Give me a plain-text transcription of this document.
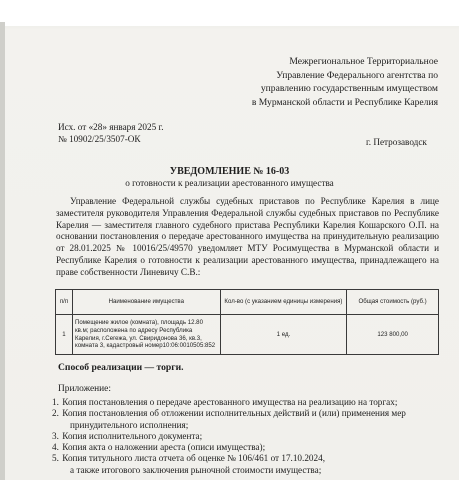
Межрегиональное Территориальное
Управление Федерального агентства по
управлению государственным имуществом
в Мурманской области и Республике Карелия
Исх. от «28» января 2025 г.
№ 10902/25/3507-ОК	г. Петрозаводск
УВЕДОМЛЕНИЕ № 16-03
о готовности к реализации арестованного имущества
Управление Федеральной службы судебных приставов по Республике Карелия в лице заместителя руководителя Управления Федеральной службы судебных приставов по Республике Карелия — заместителя главного судебного пристава Республики Карелия Кошарского О.П. на основании постановления о передаче арестованного имущества на принудительную реализацию от 28.01.2025 № 10016/25/49570 уведомляет МТУ Росимущества в Мурманской области и Республике Карелия о готовности к реализации арестованного имущества, принадлежащего на праве собственности Линевичу С.В.:
п/п	Наименование имущества	Кол-во (с указанием единицы измерения)	Общая стоимость (руб.)
1	Помещение жилое (комната), площадь 12.80 кв.м; расположена по адресу Республика Карелия, г.Сегежа, ул. Свиридонова 36, кв.3, комната 3, кадастровый номер10:06:0010505:852	1 ед.	123 800,00
Способ реализации — торги.
Приложение:
1. Копия постановления о передаче арестованного имущества на реализацию на торгах;
2. Копия постановления об отложении исполнительных действий и (или) применения мер
принудительного исполнения;
3. Копия исполнительного документа;
4. Копия акта о наложении ареста (описи имущества);
5. Копия титульного листа отчета об оценке № 106/461 от 17.10.2024,
а также итогового заключения рыночной стоимости имущества;
